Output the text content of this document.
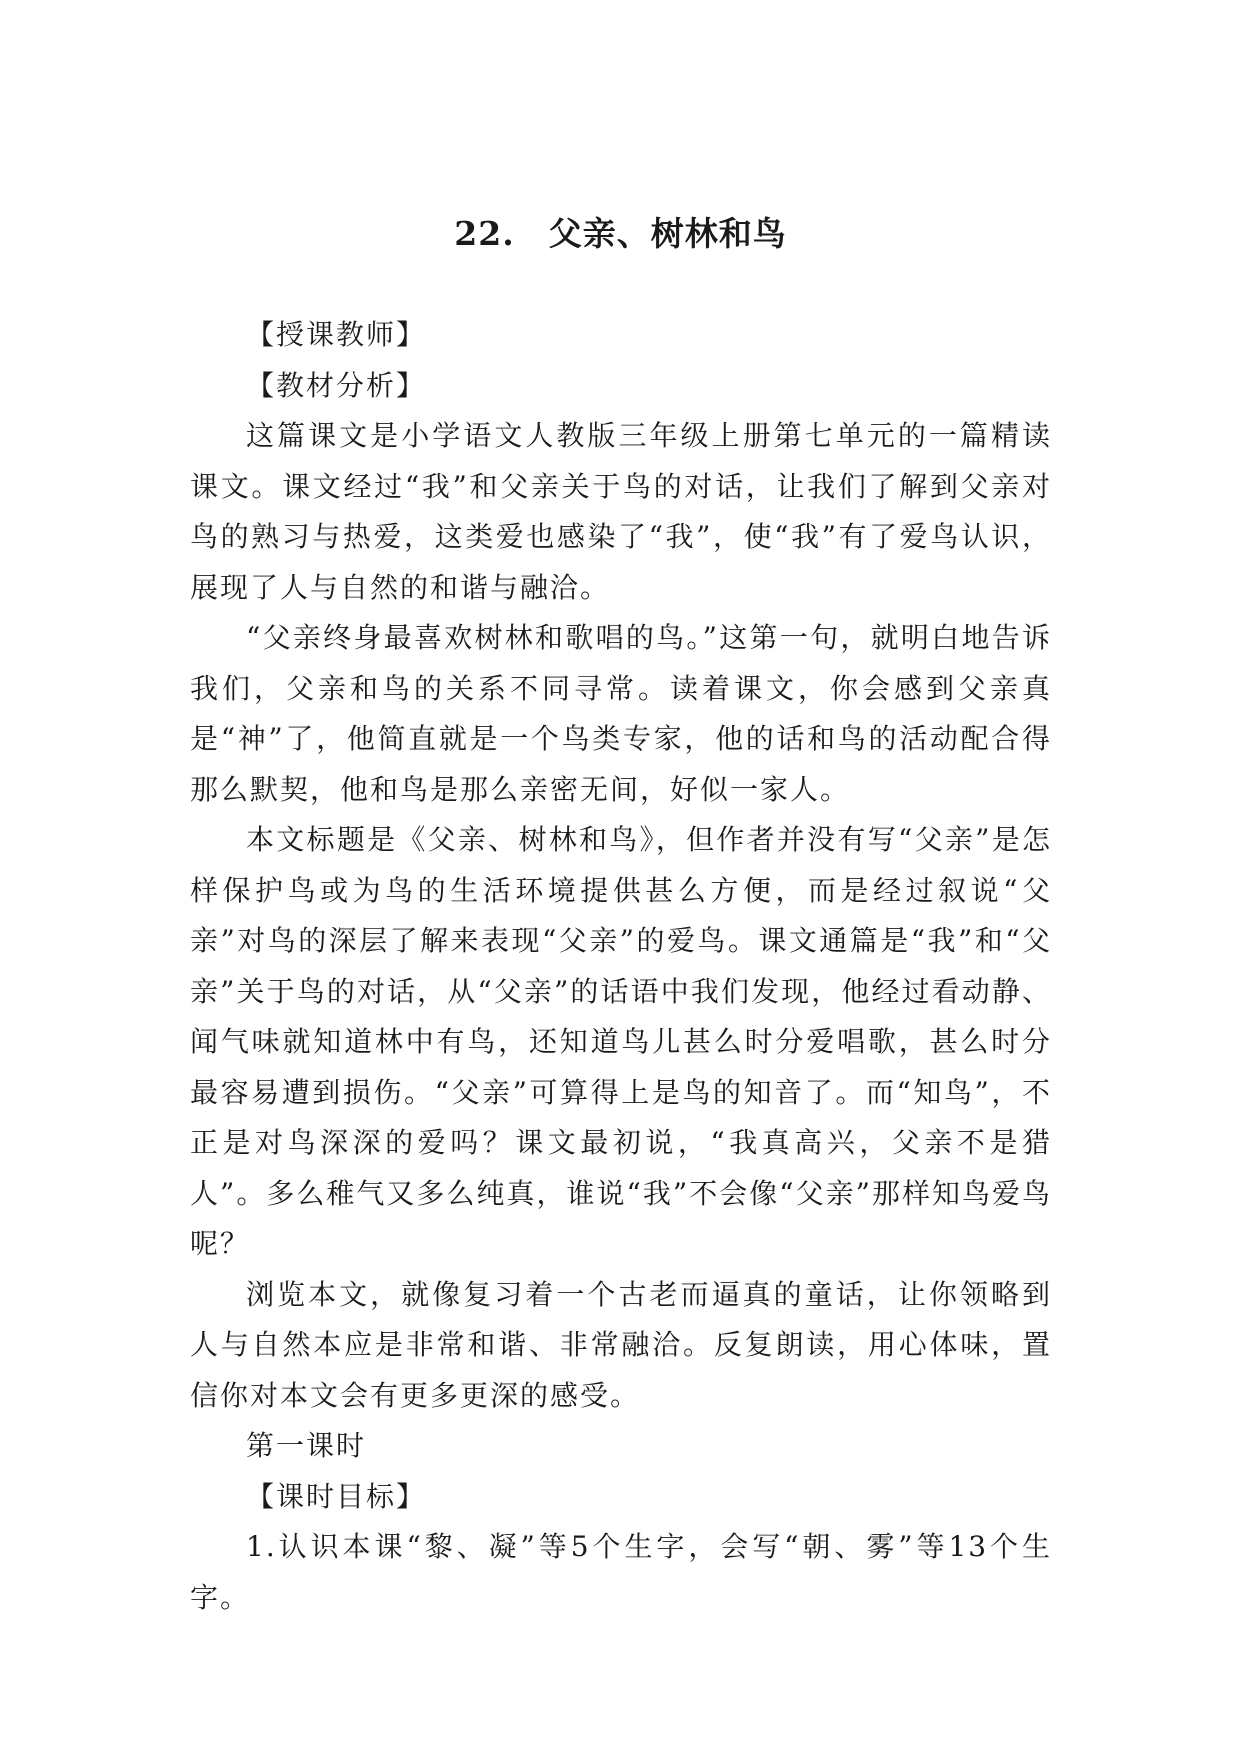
22. 父亲、树林和鸟

【授课教师】

【教材分析】

这篇课文是小学语文人教版三年级上册第七单元的一篇精读课文。课文经过“我”和父亲关于鸟的对话，让我们了解到父亲对鸟的熟习与热爱，这类爱也感染了“我”，使“我”有了爱鸟认识，展现了人与自然的和谐与融洽。

“父亲终身最喜欢树林和歌唱的鸟。”这第一句，就明白地告诉我们，父亲和鸟的关系不同寻常。读着课文，你会感到父亲真是“神”了，他简直就是一个鸟类专家，他的话和鸟的活动配合得那么默契，他和鸟是那么亲密无间，好似一家人。

本文标题是《父亲、树林和鸟》，但作者并没有写“父亲”是怎样保护鸟或为鸟的生活环境提供甚么方便，而是经过叙说“父亲”对鸟的深层了解来表现“父亲”的爱鸟。课文通篇是“我”和“父亲”关于鸟的对话，从“父亲”的话语中我们发现，他经过看动静、闻气味就知道林中有鸟，还知道鸟儿甚么时分爱唱歌，甚么时分最容易遭到损伤。“父亲”可算得上是鸟的知音了。而“知鸟”，不正是对鸟深深的爱吗？课文最初说，“我真高兴，父亲不是猎人”。多么稚气又多么纯真，谁说“我”不会像“父亲”那样知鸟爱鸟呢？

浏览本文，就像复习着一个古老而逼真的童话，让你领略到人与自然本应是非常和谐、非常融洽。反复朗读，用心体味，置信你对本文会有更多更深的感受。

第一课时

【课时目标】

1.认识本课“黎、凝”等5个生字，会写“朝、雾”等13个生字。
